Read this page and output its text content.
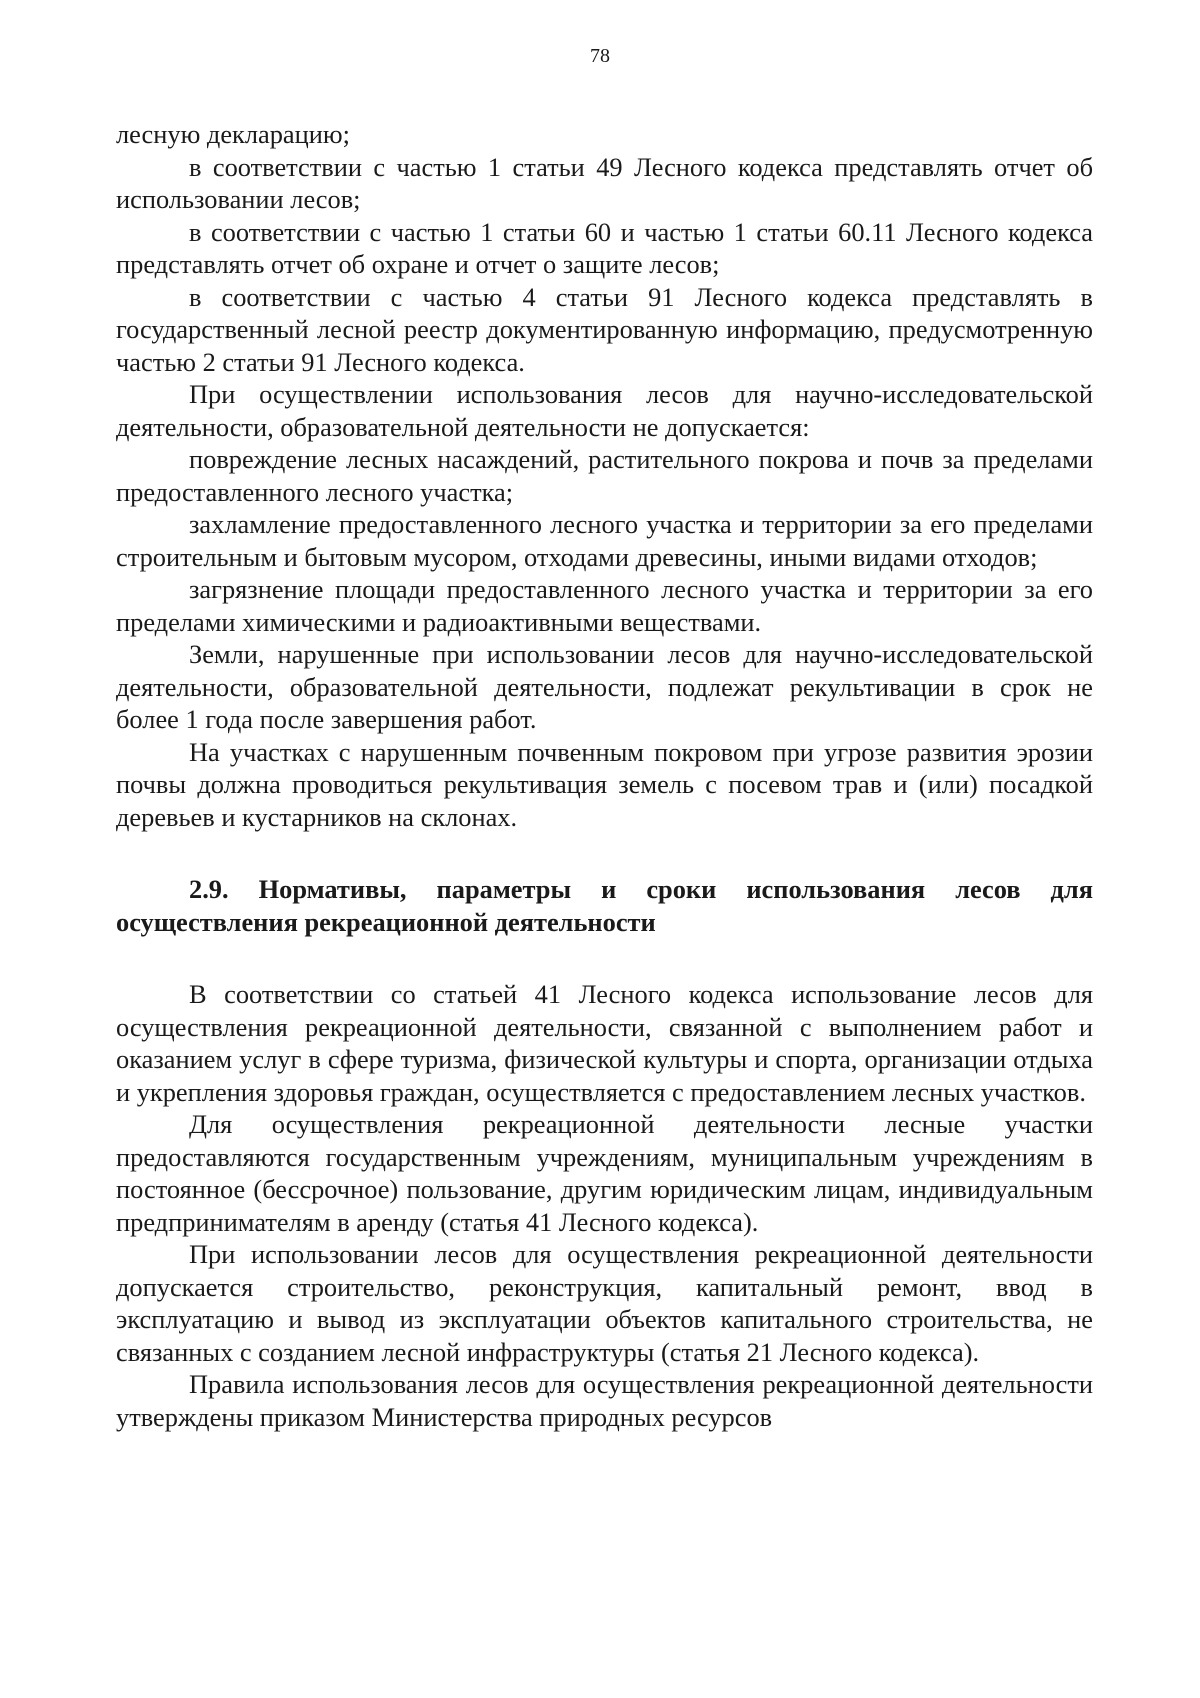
78

лесную декларацию;

в соответствии с частью 1 статьи 49 Лесного кодекса представлять отчет об использовании лесов;

в соответствии с частью 1 статьи 60 и частью 1 статьи 60.11 Лесного кодекса представлять отчет об охране и отчет о защите лесов;

в соответствии с частью 4 статьи 91 Лесного кодекса представлять в государственный лесной реестр документированную информацию, предусмотренную частью 2 статьи 91 Лесного кодекса.

При осуществлении использования лесов для научно-исследовательской деятельности, образовательной деятельности не допускается:

повреждение лесных насаждений, растительного покрова и почв за пределами предоставленного лесного участка;

захламление предоставленного лесного участка и территории за его пределами строительным и бытовым мусором, отходами древесины, иными видами отходов;

загрязнение площади предоставленного лесного участка и территории за его пределами химическими и радиоактивными веществами.

Земли, нарушенные при использовании лесов для научно-исследовательской деятельности, образовательной деятельности, подлежат рекультивации в срок не более 1 года после завершения работ.

На участках с нарушенным почвенным покровом при угрозе развития эрозии почвы должна проводиться рекультивация земель с посевом трав и (или) посадкой деревьев и кустарников на склонах.

2.9. Нормативы, параметры и сроки использования лесов для осуществления рекреационной деятельности

В соответствии со статьей 41 Лесного кодекса использование лесов для осуществления рекреационной деятельности, связанной с выполнением работ и оказанием услуг в сфере туризма, физической культуры и спорта, организации отдыха и укрепления здоровья граждан, осуществляется с предоставлением лесных участков.

Для осуществления рекреационной деятельности лесные участки предоставляются государственным учреждениям, муниципальным учреждениям в постоянное (бессрочное) пользование, другим юридическим лицам, индивидуальным предпринимателям в аренду (статья 41 Лесного кодекса).

При использовании лесов для осуществления рекреационной деятельности допускается строительство, реконструкция, капитальный ремонт, ввод в эксплуатацию и вывод из эксплуатации объектов капитального строительства, не связанных с созданием лесной инфраструктуры (статья 21 Лесного кодекса).

Правила использования лесов для осуществления рекреационной деятельности утверждены приказом Министерства природных ресурсов
